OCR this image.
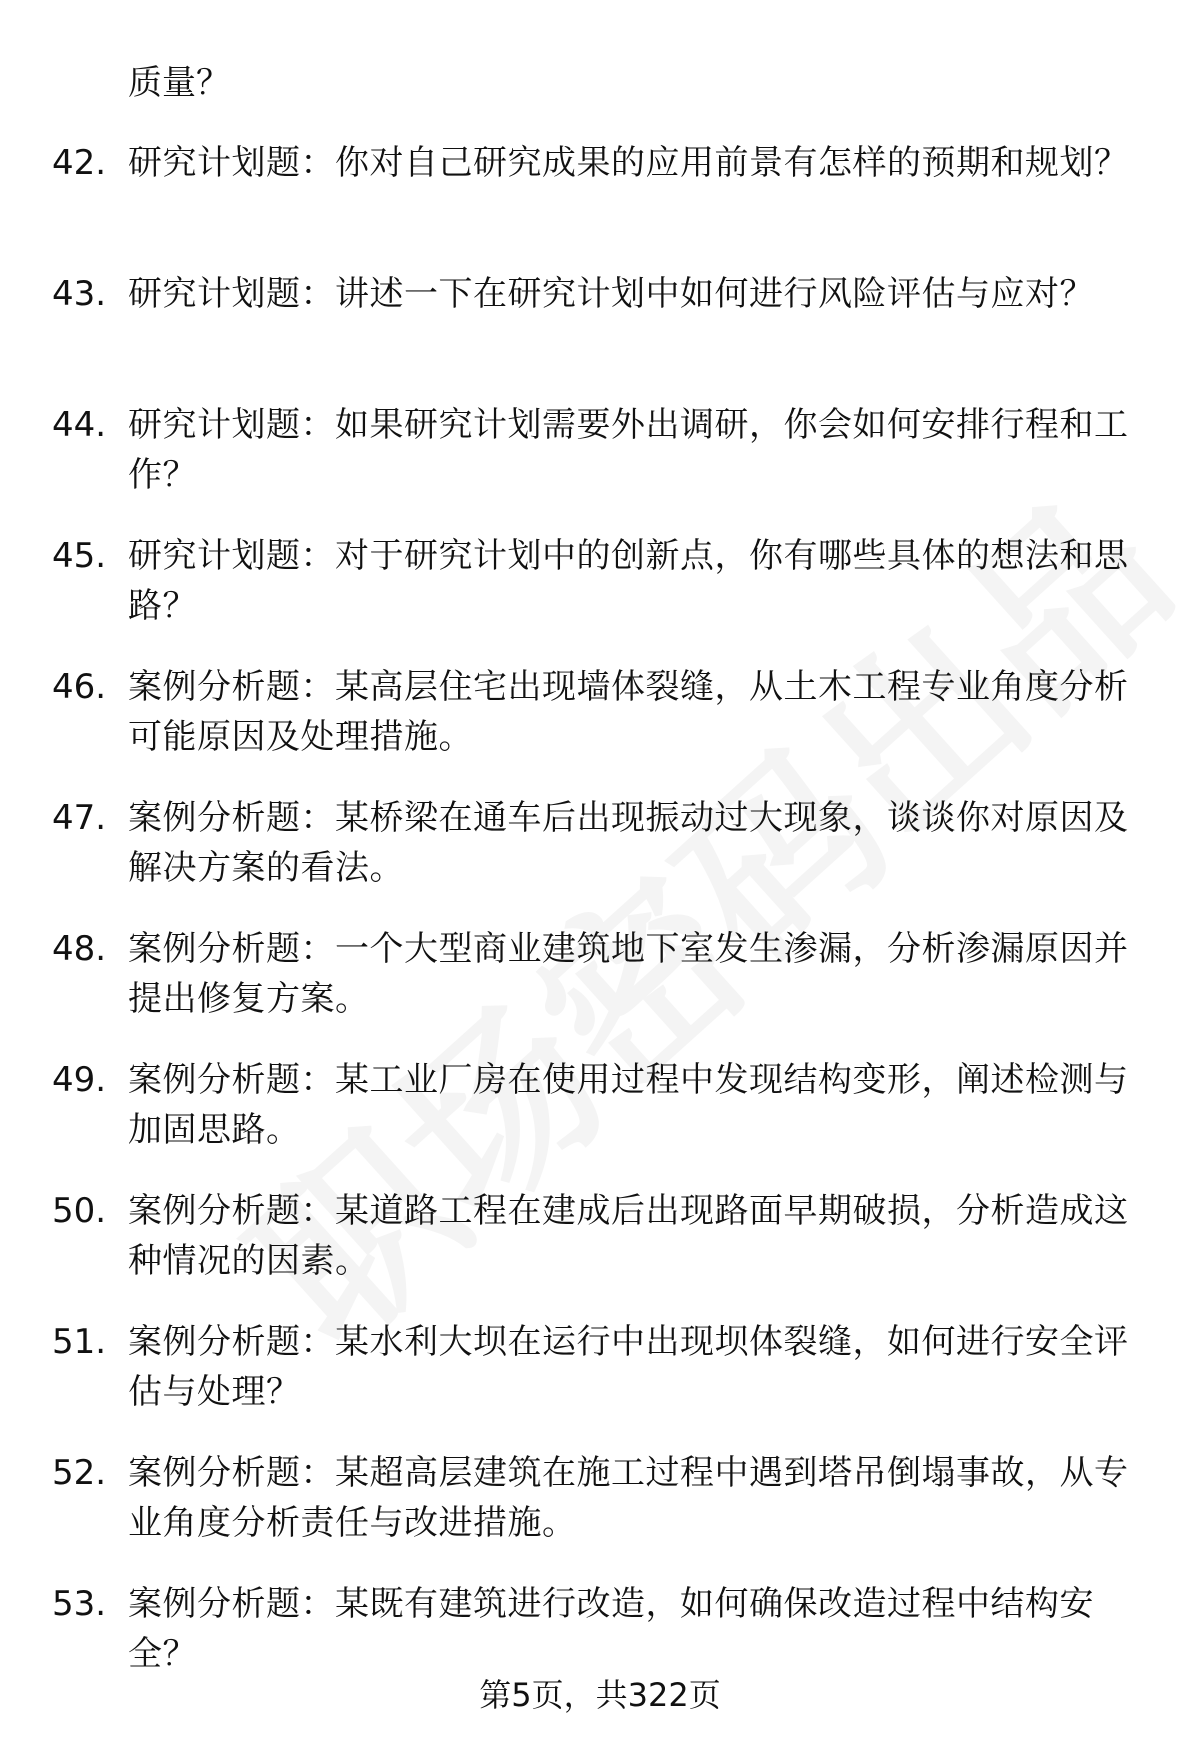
质量？

42. 研究计划题：你对自己研究成果的应用前景有怎样的预期和规划？
43. 研究计划题：讲述一下在研究计划中如何进行风险评估与应对？
44. 研究计划题：如果研究计划需要外出调研，你会如何安排行程和工作？
45. 研究计划题：对于研究计划中的创新点，你有哪些具体的想法和思路？
46. 案例分析题：某高层住宅出现墙体裂缝，从土木工程专业角度分析可能原因及处理措施。
47. 案例分析题：某桥梁在通车后出现振动过大现象，谈谈你对原因及解决方案的看法。
48. 案例分析题：一个大型商业建筑地下室发生渗漏，分析渗漏原因并提出修复方案。
49. 案例分析题：某工业厂房在使用过程中发现结构变形，阐述检测与加固思路。
50. 案例分析题：某道路工程在建成后出现路面早期破损，分析造成这种情况的因素。
51. 案例分析题：某水利大坝在运行中出现坝体裂缝，如何进行安全评估与处理？
52. 案例分析题：某超高层建筑在施工过程中遇到塔吊倒塌事故，从专业角度分析责任与改进措施。
53. 案例分析题：某既有建筑进行改造，如何确保改造过程中结构安全？
第5页，共322页
